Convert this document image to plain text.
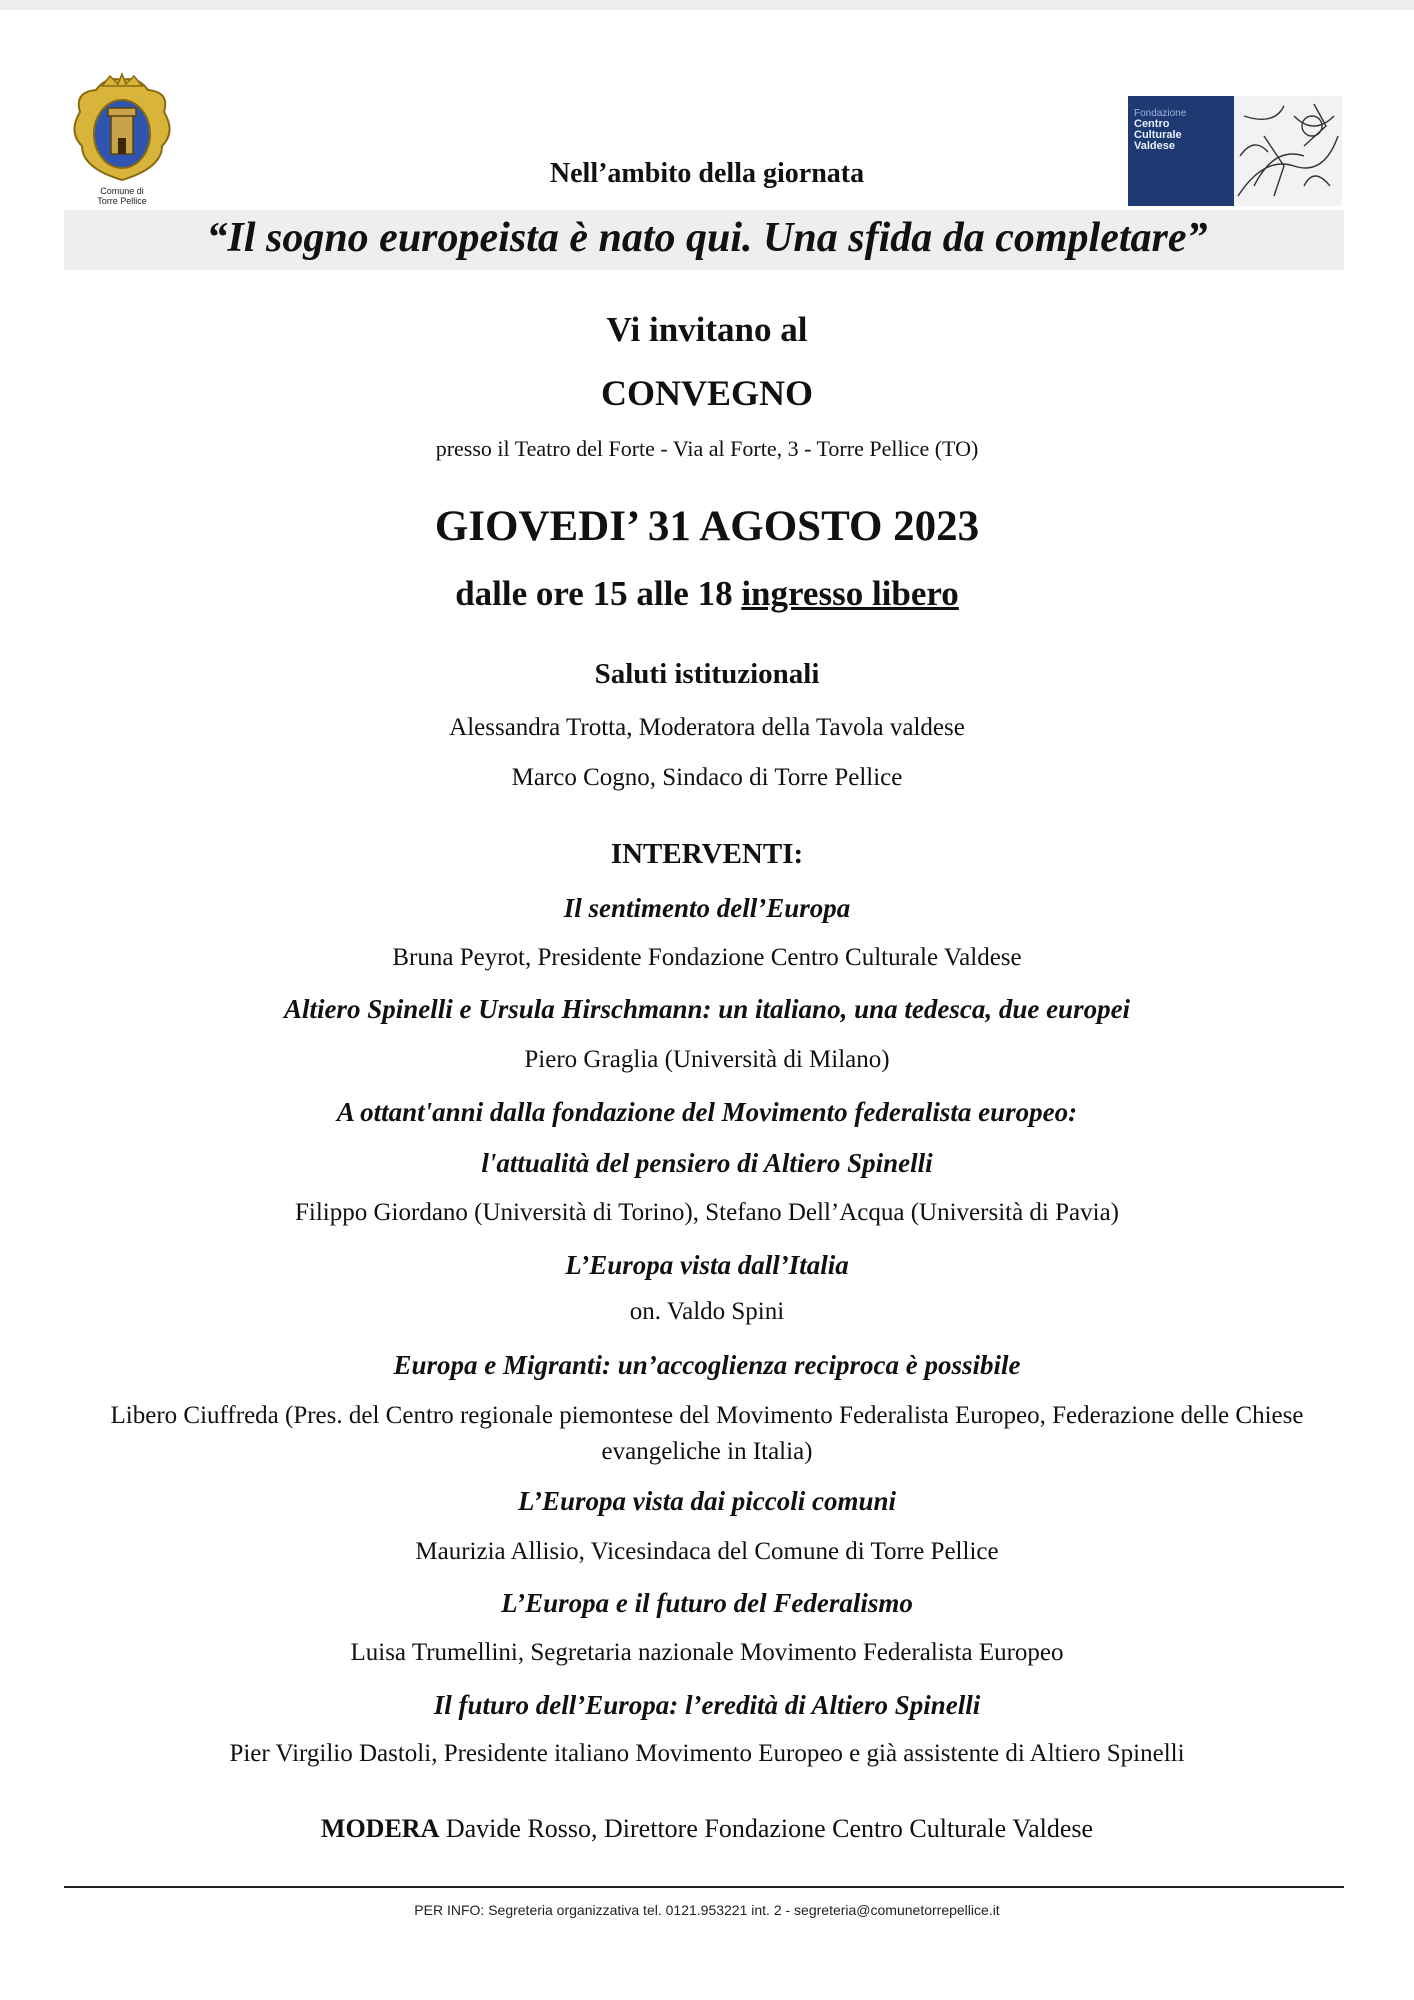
Comune di
Torre Pellice
Fondazione
Centro
Culturale
Valdese
Nell’ambito della giornata
“Il sogno europeista è nato qui. Una sfida da completare”
Vi invitano al
CONVEGNO
presso il Teatro del Forte - Via al Forte, 3 - Torre Pellice (TO)
GIOVEDI’ 31 AGOSTO 2023
dalle ore 15 alle 18 ingresso libero
Saluti istituzionali
Alessandra Trotta, Moderatora della Tavola valdese
Marco Cogno, Sindaco di Torre Pellice
INTERVENTI:
Il sentimento dell’Europa
Bruna Peyrot, Presidente Fondazione Centro Culturale Valdese
Altiero Spinelli e Ursula Hirschmann: un italiano, una tedesca, due europei
Piero Graglia (Università di Milano)
A ottant'anni dalla fondazione del Movimento federalista europeo:
l'attualità del pensiero di Altiero Spinelli
Filippo Giordano (Università di Torino), Stefano Dell’Acqua (Università di Pavia)
L’Europa vista dall’Italia
on. Valdo Spini
Europa e Migranti: un’accoglienza reciproca è possibile
Libero Ciuffreda (Pres. del Centro regionale piemontese del Movimento Federalista Europeo, Federazione delle Chiese evangeliche in Italia)
L’Europa vista dai piccoli comuni
Maurizia Allisio, Vicesindaca del Comune di Torre Pellice
L’Europa e il futuro del Federalismo
Luisa Trumellini, Segretaria nazionale Movimento Federalista Europeo
Il futuro dell’Europa: l’eredità di Altiero Spinelli
Pier Virgilio Dastoli, Presidente italiano Movimento Europeo e già assistente di Altiero Spinelli
MODERA Davide Rosso, Direttore Fondazione Centro Culturale Valdese
PER INFO: Segreteria organizzativa tel. 0121.953221 int. 2 - segreteria@comunetorrepellice.it
